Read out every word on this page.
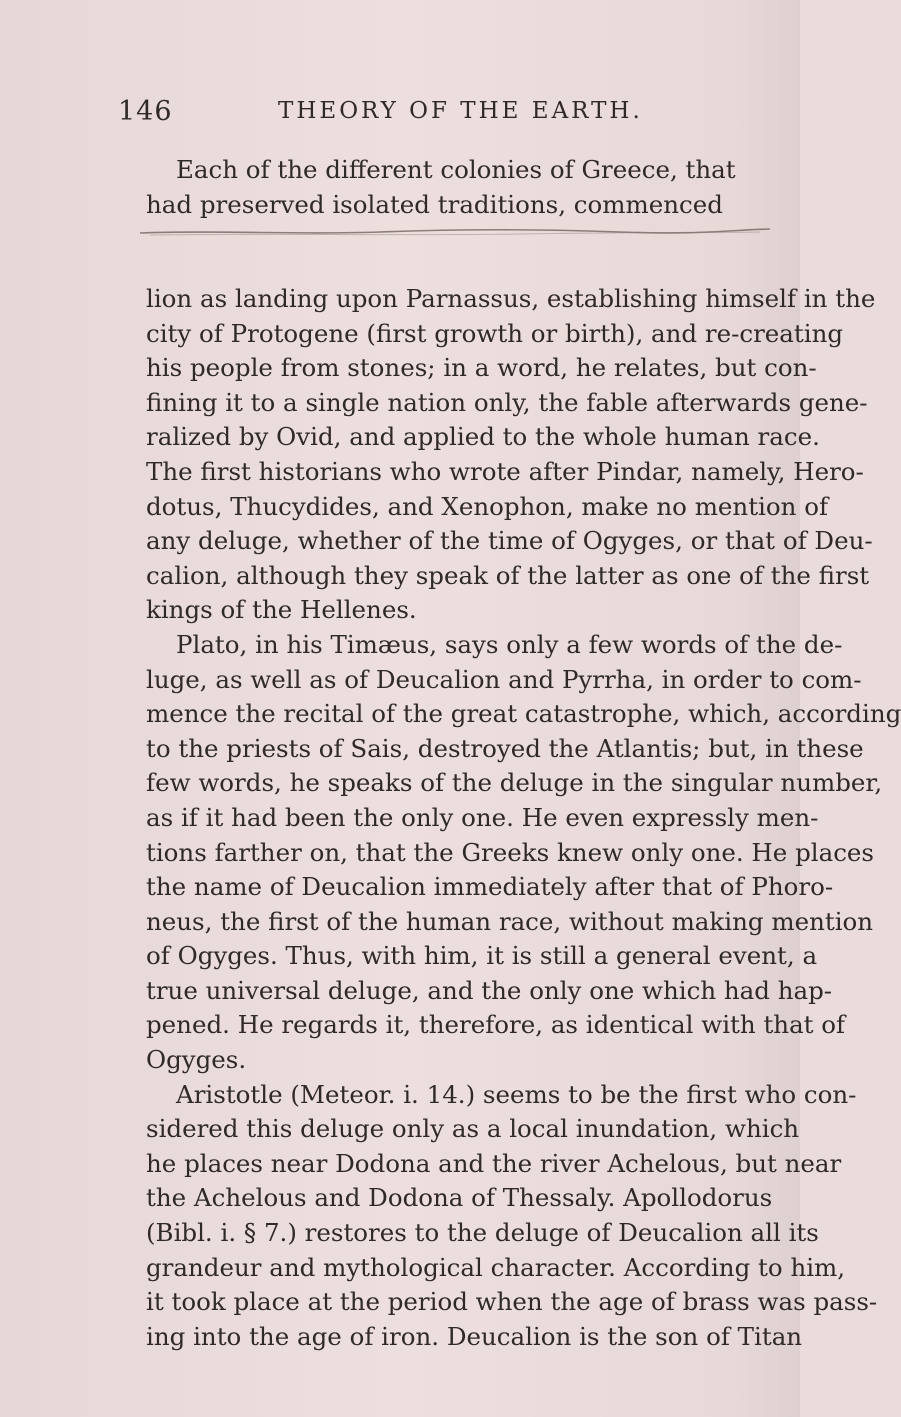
146	THEORY OF THE EARTH.
Each of the different colonies of Greece, that
had preserved isolated traditions, commenced
lion as landing upon Parnassus, establishing himself in the
city of Protogene (first growth or birth), and re-creating
his people from stones; in a word, he relates, but con-
fining it to a single nation only, the fable afterwards gene-
ralized by Ovid, and applied to the whole human race.
The first historians who wrote after Pindar, namely, Hero-
dotus, Thucydides, and Xenophon, make no mention of
any deluge, whether of the time of Ogyges, or that of Deu-
calion, although they speak of the latter as one of the first
kings of the Hellenes.
Plato, in his Timæus, says only a few words of the de-
luge, as well as of Deucalion and Pyrrha, in order to com-
mence the recital of the great catastrophe, which, according
to the priests of Sais, destroyed the Atlantis; but, in these
few words, he speaks of the deluge in the singular number,
as if it had been the only one. He even expressly men-
tions farther on, that the Greeks knew only one. He places
the name of Deucalion immediately after that of Phoro-
neus, the first of the human race, without making mention
of Ogyges. Thus, with him, it is still a general event, a
true universal deluge, and the only one which had hap-
pened. He regards it, therefore, as identical with that of
Ogyges.
Aristotle (Meteor. i. 14.) seems to be the first who con-
sidered this deluge only as a local inundation, which
he places near Dodona and the river Achelous, but near
the Achelous and Dodona of Thessaly. Apollodorus
(Bibl. i. § 7.) restores to the deluge of Deucalion all its
grandeur and mythological character. According to him,
it took place at the period when the age of brass was pass-
ing into the age of iron. Deucalion is the son of Titan
